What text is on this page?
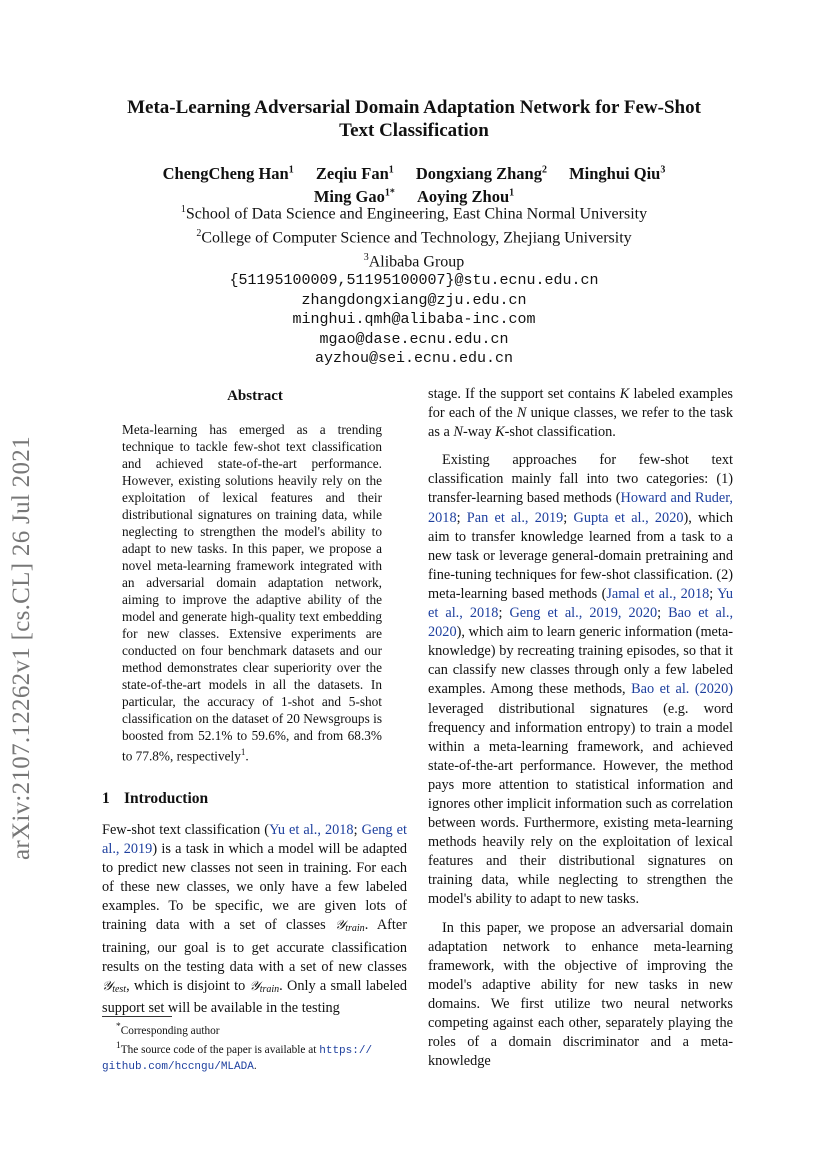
arXiv:2107.12262v1 [cs.CL] 26 Jul 2021
Meta-Learning Adversarial Domain Adaptation Network for Few-Shot
Text Classification
ChengCheng Han$^1$ Zeqiu Fan$^1$ Dongxiang Zhang$^2$ Minghui Qiu$^3$
Ming Gao$^{1*}$ Aoying Zhou$^1$
$^1$School of Data Science and Engineering, East China Normal University
$^2$College of Computer Science and Technology, Zhejiang University
$^3$Alibaba Group
{51195100009,51195100007}@stu.ecnu.edu.cn
zhangdongxiang@zju.edu.cn
minghui.qmh@alibaba-inc.com
mgao@dase.ecnu.edu.cn
ayzhou@sei.ecnu.edu.cn
Abstract
Meta-learning has emerged as a trending technique to tackle few-shot text classification and achieved state-of-the-art performance. However, existing solutions heavily rely on the exploitation of lexical features and their distributional signatures on training data, while neglecting to strengthen the model's ability to adapt to new tasks. In this paper, we propose a novel meta-learning framework integrated with an adversarial domain adaptation network, aiming to improve the adaptive ability of the model and generate high-quality text embedding for new classes. Extensive experiments are conducted on four benchmark datasets and our method demonstrates clear superiority over the state-of-the-art models in all the datasets. In particular, the accuracy of 1-shot and 5-shot classification on the dataset of 20 Newsgroups is boosted from 52.1% to 59.6%, and from 68.3% to 77.8%, respectively$^1$.
1 Introduction
Few-shot text classification (Yu et al., 2018; Geng et al., 2019) is a task in which a model will be adapted to predict new classes not seen in training. For each of these new classes, we only have a few labeled examples. To be specific, we are given lots of training data with a set of classes 𝒴$_{train}$. After training, our goal is to get accurate classification results on the testing data with a set of new classes 𝒴$_{test}$, which is disjoint to 𝒴$_{train}$. Only a small labeled support set will be available in the testing
*Corresponding author
$^1$The source code of the paper is available at https:// github.com/hccngu/MLADA.

stage. If the support set contains K labeled examples for each of the N unique classes, we refer to the task as a N-way K-shot classification.

Existing approaches for few-shot text classification mainly fall into two categories: (1) transfer-learning based methods (Howard and Ruder, 2018; Pan et al., 2019; Gupta et al., 2020), which aim to transfer knowledge learned from a task to a new task or leverage general-domain pretraining and fine-tuning techniques for few-shot classification. (2) meta-learning based methods (Jamal et al., 2018; Yu et al., 2018; Geng et al., 2019, 2020; Bao et al., 2020), which aim to learn generic information (meta-knowledge) by recreating training episodes, so that it can classify new classes through only a few labeled examples. Among these methods, Bao et al. (2020) leveraged distributional signatures (e.g. word frequency and information entropy) to train a model within a meta-learning framework, and achieved state-of-the-art performance. However, the method pays more attention to statistical information and ignores other implicit information such as correlation between words. Furthermore, existing meta-learning methods heavily rely on the exploitation of lexical features and their distributional signatures on training data, while neglecting to strengthen the model's ability to adapt to new tasks.

In this paper, we propose an adversarial domain adaptation network to enhance meta-learning framework, with the objective of improving the model's adaptive ability for new tasks in new domains. We first utilize two neural networks competing against each other, separately playing the roles of a domain discriminator and a meta-knowledge
